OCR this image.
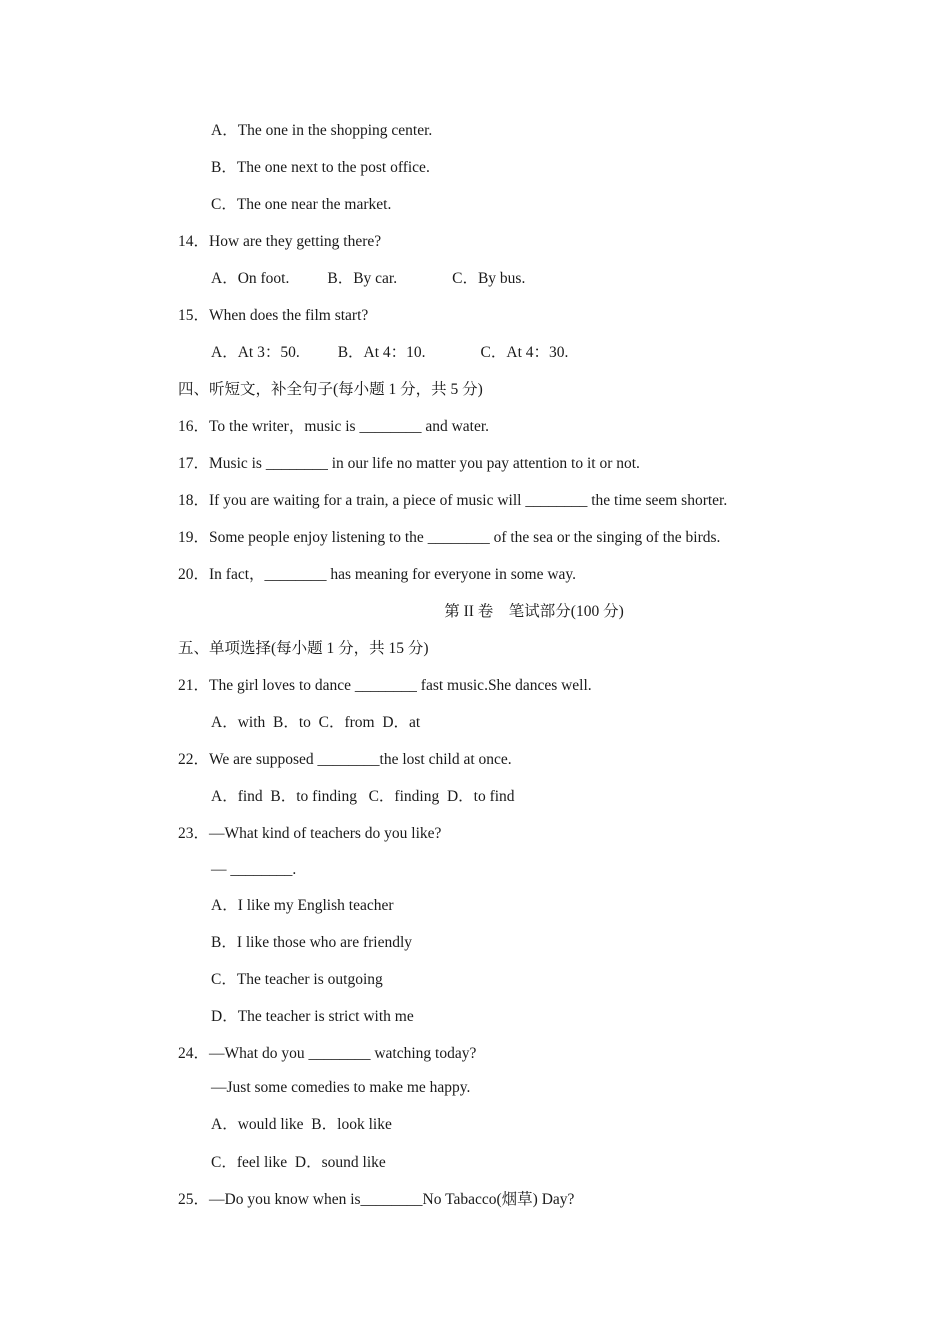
A．The one in the shopping center.
B．The one next to the post office.
C．The one near the market.
14．How are they getting there?
A．On foot. B．By car.	C．By bus.
15．When does the film start?
A．At 3：50. B．At 4：10.	C．At 4：30.
四、听短文，补全句子(每小题 1 分，共 5 分)
16．To the writer，music is ________ and water.
17．Music is ________ in our life no matter you pay attention to it or not.
18．If you are waiting for a train, a piece of music will ________ the time seem shorter.
19．Some people enjoy listening to the ________ of the sea or the singing of the birds.
20．In fact，________ has meaning for everyone in some way.
第 II 卷　笔试部分(100 分)
五、单项选择(每小题 1 分，共 15 分)
21．The girl loves to dance ________ fast music.She dances well.
A．with  B．to  C．from  D．at
22．We are supposed ________the lost child at once.
A．find  B．to finding   C．finding  D．to find
23．—What kind of teachers do you like?
— ________.
A．I like my English teacher
B．I like those who are friendly
C．The teacher is outgoing
D．The teacher is strict with me
24．—What do you ________ watching today?
—Just some comedies to make me happy.
A．would like  B．look like
C．feel like  D．sound like
25．—Do you know when is________No Tabacco(烟草) Day?
